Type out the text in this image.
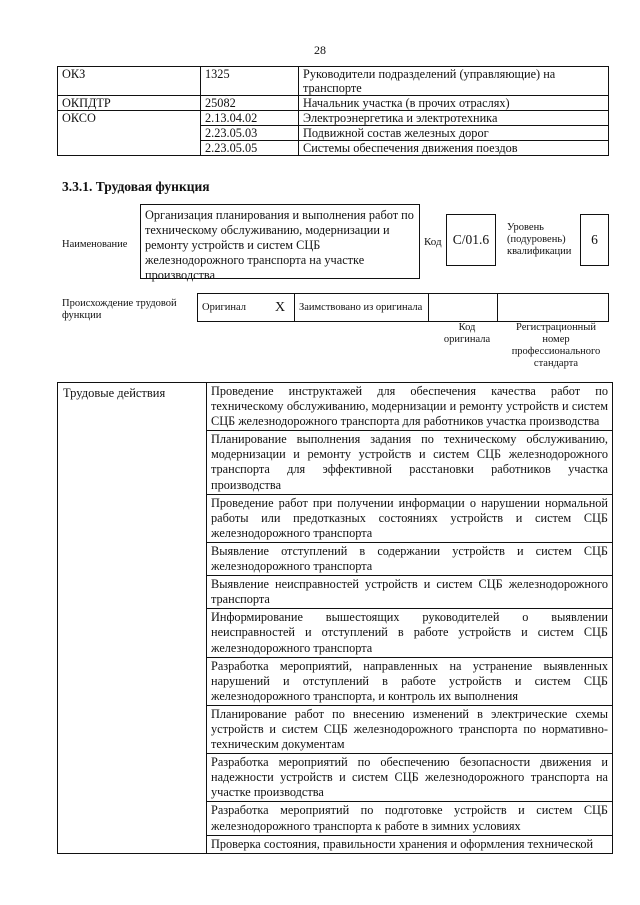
28
ОКЗ	1325	Руководители подразделений (управляющие) на транспорте
ОКПДТР	25082	Начальник участка (в прочих отраслях)
ОКСО	2.13.04.02	Электроэнергетика и электротехника
	2.23.05.03	Подвижной состав железных дорог
	2.23.05.05	Системы обеспечения движения поездов
3.3.1. Трудовая функция
Наименование
Организация планирования и выполнения работ по техническому обслуживанию, модернизации и ремонту устройств и систем СЦБ железнодорожного транспорта на участке производства
Код C/01.6
Уровень (подуровень) квалификации
6
Происхождение трудовой функции
Оригинал	X	Заимствовано из оригинала		
Код оригинала
Регистрационный номер профессионального стандарта
Трудовые действия	Проведение инструктажей для обеспечения качества работ по техническому обслуживанию, модернизации и ремонту устройств и систем СЦБ железнодорожного транспорта для работников участка производства
Планирование выполнения задания по техническому обслуживанию, модернизации и ремонту устройств и систем СЦБ железнодорожного транспорта для эффективной расстановки работников участка производства
Проведение работ при получении информации о нарушении нормальной работы или предотказных состояниях устройств и систем СЦБ железнодорожного транспорта
Выявление отступлений в содержании устройств и систем СЦБ железнодорожного транспорта
Выявление неисправностей устройств и систем СЦБ железнодорожного транспорта
Информирование вышестоящих руководителей о выявлении неисправностей и отступлений в работе устройств и систем СЦБ железнодорожного транспорта
Разработка мероприятий, направленных на устранение выявленных нарушений и отступлений в работе устройств и систем СЦБ железнодорожного транспорта, и контроль их выполнения
Планирование работ по внесению изменений в электрические схемы устройств и систем СЦБ железнодорожного транспорта по нормативно-техническим документам
Разработка мероприятий по обеспечению безопасности движения и надежности устройств и систем СЦБ железнодорожного транспорта на участке производства
Разработка мероприятий по подготовке устройств и систем СЦБ железнодорожного транспорта к работе в зимних условиях
Проверка состояния, правильности хранения и оформления технической
